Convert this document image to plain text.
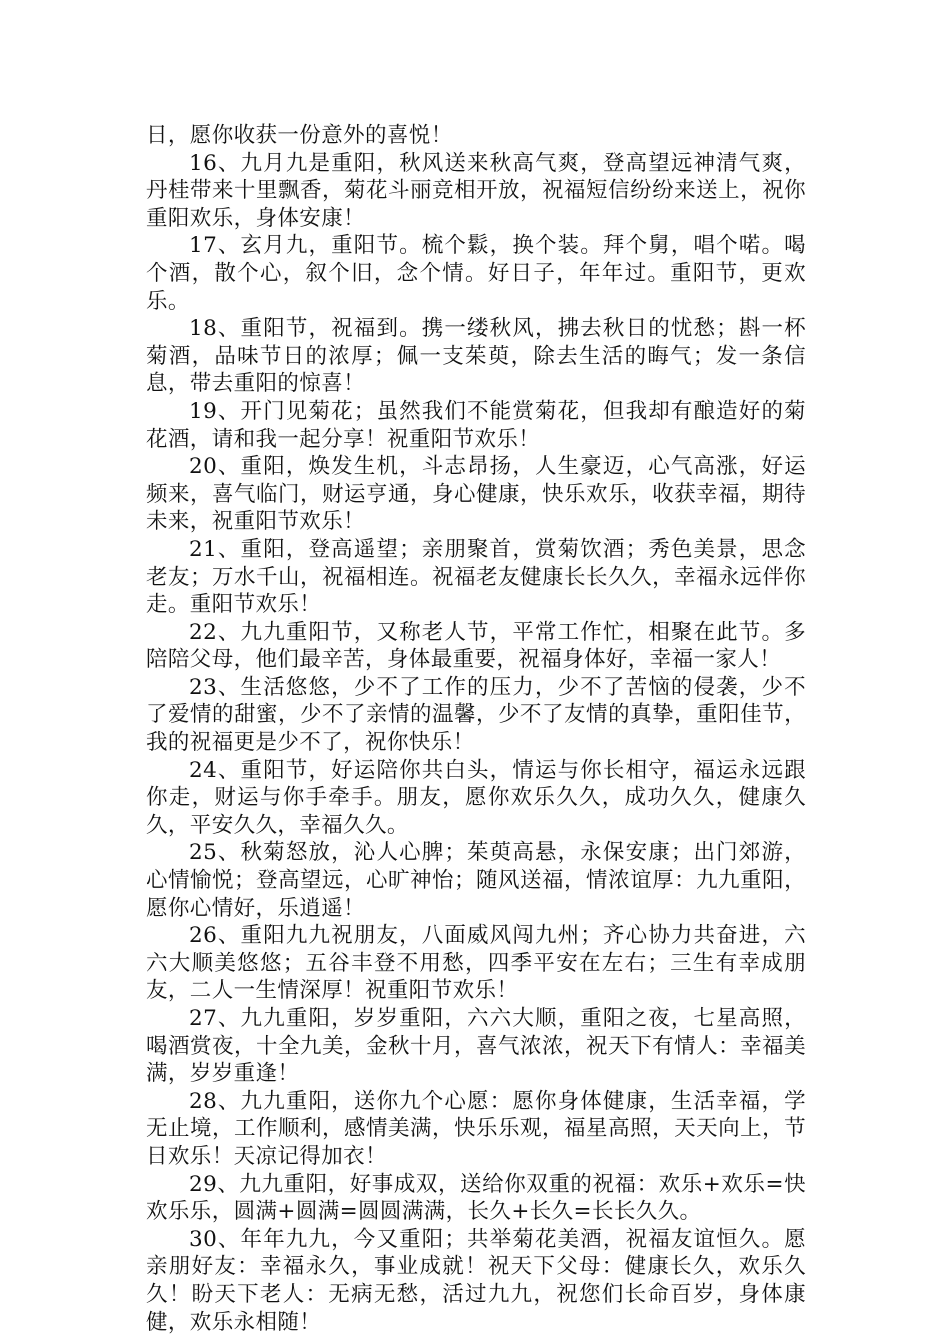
日，愿你收获一份意外的喜悦！

16、九月九是重阳，秋风送来秋高气爽，登高望远神清气爽，丹桂带来十里飘香，菊花斗丽竞相开放，祝福短信纷纷来送上，祝你重阳欢乐，身体安康！

17、玄月九，重阳节。梳个鬏，换个装。拜个舅，唱个喏。喝个酒，散个心，叙个旧，念个情。好日子，年年过。重阳节，更欢乐。

18、重阳节，祝福到。携一缕秋风，拂去秋日的忧愁；斟一杯菊酒，品味节日的浓厚；佩一支茱萸，除去生活的晦气；发一条信息，带去重阳的惊喜！

19、开门见菊花；虽然我们不能赏菊花，但我却有酿造好的菊花酒，请和我一起分享！祝重阳节欢乐！

20、重阳，焕发生机，斗志昂扬，人生豪迈，心气高涨，好运频来，喜气临门，财运亨通，身心健康，快乐欢乐，收获幸福，期待未来，祝重阳节欢乐！

21、重阳，登高遥望；亲朋聚首，赏菊饮酒；秀色美景，思念老友；万水千山，祝福相连。祝福老友健康长长久久，幸福永远伴你走。重阳节欢乐！

22、九九重阳节，又称老人节，平常工作忙，相聚在此节。多陪陪父母，他们最辛苦，身体最重要，祝福身体好，幸福一家人！

23、生活悠悠，少不了工作的压力，少不了苦恼的侵袭，少不了爱情的甜蜜，少不了亲情的温馨，少不了友情的真挚，重阳佳节，我的祝福更是少不了，祝你快乐！

24、重阳节，好运陪你共白头，情运与你长相守，福运永远跟你走，财运与你手牵手。朋友，愿你欢乐久久，成功久久，健康久久，平安久久，幸福久久。

25、秋菊怒放，沁人心脾；茱萸高悬，永保安康；出门郊游，心情愉悦；登高望远，心旷神怡；随风送福，情浓谊厚：九九重阳，愿你心情好，乐逍遥！

26、重阳九九祝朋友，八面威风闯九州；齐心协力共奋进，六六大顺美悠悠；五谷丰登不用愁，四季平安在左右；三生有幸成朋友，二人一生情深厚！祝重阳节欢乐！

27、九九重阳，岁岁重阳，六六大顺，重阳之夜，七星高照，喝酒赏夜，十全九美，金秋十月，喜气浓浓，祝天下有情人：幸福美满，岁岁重逢！

28、九九重阳，送你九个心愿：愿你身体健康，生活幸福，学无止境，工作顺利，感情美满，快乐乐观，福星高照，天天向上，节日欢乐！天凉记得加衣！

29、九九重阳，好事成双，送给你双重的祝福：欢乐+欢乐=快欢乐乐，圆满+圆满=圆圆满满，长久+长久=长长久久。

30、年年九九，今又重阳；共举菊花美酒，祝福友谊恒久。愿亲朋好友：幸福永久，事业成就！祝天下父母：健康长久，欢乐久久！盼天下老人：无病无愁，活过九九，祝您们长命百岁，身体康健，欢乐永相随！
